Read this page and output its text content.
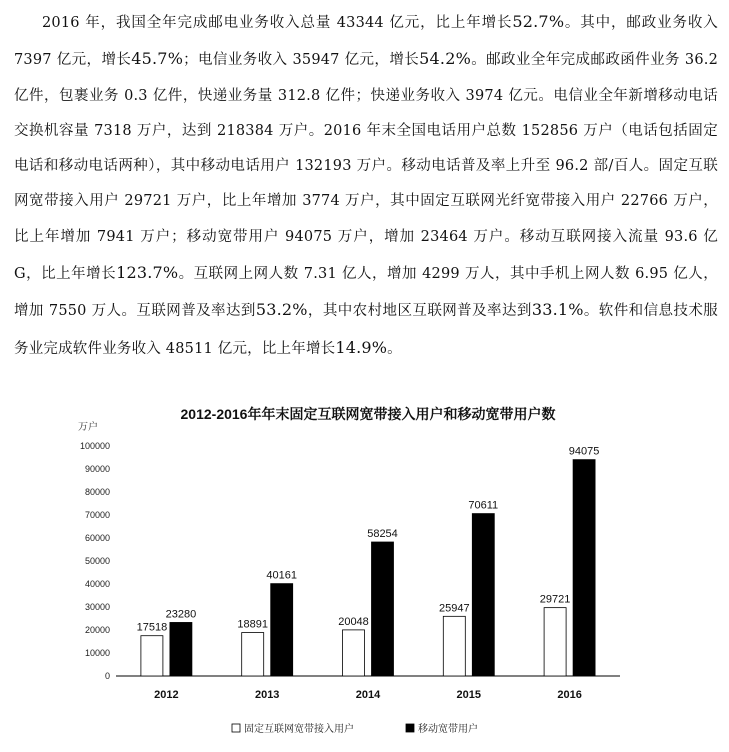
2016 年，我国全年完成邮电业务收入总量 43344 亿元，比上年增长52.7%。其中，邮政业务收入 7397 亿元，增长45.7%；电信业务收入 35947 亿元，增长54.2%。邮政业全年完成邮政函件业务 36.2 亿件，包裹业务 0.3 亿件，快递业务量 312.8 亿件；快递业务收入 3974 亿元。电信业全年新增移动电话交换机容量 7318 万户，达到 218384 万户。2016 年末全国电话用户总数 152856 万户（电话包括固定电话和移动电话两种），其中移动电话用户 132193 万户。移动电话普及率上升至 96.2 部/百人。固定互联网宽带接入用户 29721 万户，比上年增加 3774 万户，其中固定互联网光纤宽带接入用户 22766 万户，比上年增加 7941 万户；移动宽带用户 94075 万户，增加 23464 万户。移动互联网接入流量 93.6 亿 G，比上年增长123.7%。互联网上网人数 7.31 亿人，增加 4299 万人，其中手机上网人数 6.95 亿人，增加 7550 万人。互联网普及率达到53.2%，其中农村地区互联网普及率达到33.1%。软件和信息技术服务业完成软件业务收入 48511 亿元，比上年增长14.9%。
2012-2016年年末固定互联网宽带接入用户和移动宽带用户数
万户
0
10000
20000
30000
40000
50000
60000
70000
80000
90000
100000
17518
23280
18891
40161
20048
58254
25947
70611
29721
94075
2012	2013	2014	2015	2016
固定互联网宽带接入用户	移动宽带用户
